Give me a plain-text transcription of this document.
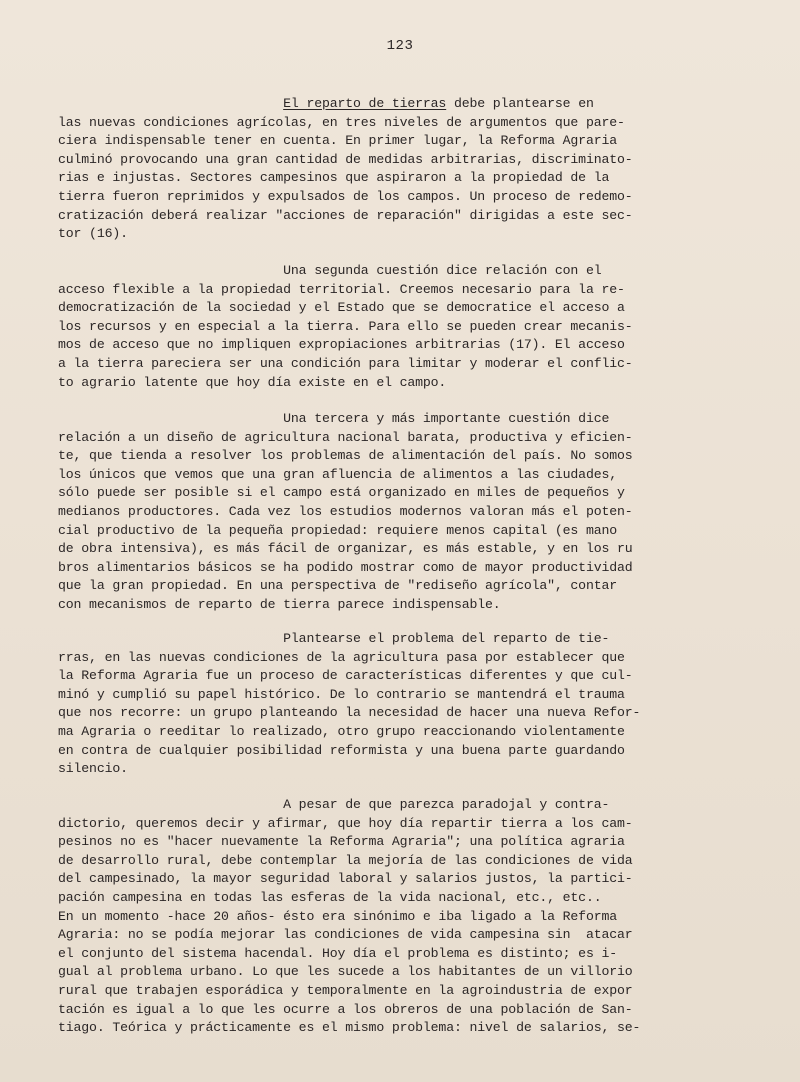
123
El reparto de tierras debe plantearse en
las nuevas condiciones agrícolas, en tres niveles de argumentos que pare-
ciera indispensable tener en cuenta. En primer lugar, la Reforma Agraria
culminó provocando una gran cantidad de medidas arbitrarias, discriminato-
rias e injustas. Sectores campesinos que aspiraron a la propiedad de la
tierra fueron reprimidos y expulsados de los campos. Un proceso de redemo-
cratización deberá realizar "acciones de reparación" dirigidas a este sec-
tor (16).
Una segunda cuestión dice relación con el
acceso flexible a la propiedad territorial. Creemos necesario para la re-
democratización de la sociedad y el Estado que se democratice el acceso a
los recursos y en especial a la tierra. Para ello se pueden crear mecanis-
mos de acceso que no impliquen expropiaciones arbitrarias (17). El acceso
a la tierra pareciera ser una condición para limitar y moderar el conflic-
to agrario latente que hoy día existe en el campo.
Una tercera y más importante cuestión dice
relación a un diseño de agricultura nacional barata, productiva y eficien-
te, que tienda a resolver los problemas de alimentación del país. No somos
los únicos que vemos que una gran afluencia de alimentos a las ciudades,
sólo puede ser posible si el campo está organizado en miles de pequeños y
medianos productores. Cada vez los estudios modernos valoran más el poten-
cial productivo de la pequeña propiedad: requiere menos capital (es mano
de obra intensiva), es más fácil de organizar, es más estable, y en los ru
bros alimentarios básicos se ha podido mostrar como de mayor productividad
que la gran propiedad. En una perspectiva de "rediseño agrícola", contar
con mecanismos de reparto de tierra parece indispensable.
Plantearse el problema del reparto de tie-
rras, en las nuevas condiciones de la agricultura pasa por establecer que
la Reforma Agraria fue un proceso de características diferentes y que cul-
minó y cumplió su papel histórico. De lo contrario se mantendrá el trauma
que nos recorre: un grupo planteando la necesidad de hacer una nueva Refor-
ma Agraria o reeditar lo realizado, otro grupo reaccionando violentamente
en contra de cualquier posibilidad reformista y una buena parte guardando
silencio.
A pesar de que parezca paradojal y contra-
dictorio, queremos decir y afirmar, que hoy día repartir tierra a los cam-
pesinos no es "hacer nuevamente la Reforma Agraria"; una política agraria
de desarrollo rural, debe contemplar la mejoría de las condiciones de vida
del campesinado, la mayor seguridad laboral y salarios justos, la partici-
pación campesina en todas las esferas de la vida nacional, etc., etc..
En un momento -hace 20 años- ésto era sinónimo e iba ligado a la Reforma
Agraria: no se podía mejorar las condiciones de vida campesina sin  atacar
el conjunto del sistema hacendal. Hoy día el problema es distinto; es i-
gual al problema urbano. Lo que les sucede a los habitantes de un villorio
rural que trabajen esporádica y temporalmente en la agroindustria de expor
tación es igual a lo que les ocurre a los obreros de una población de San-
tiago. Teórica y prácticamente es el mismo problema: nivel de salarios, se-
